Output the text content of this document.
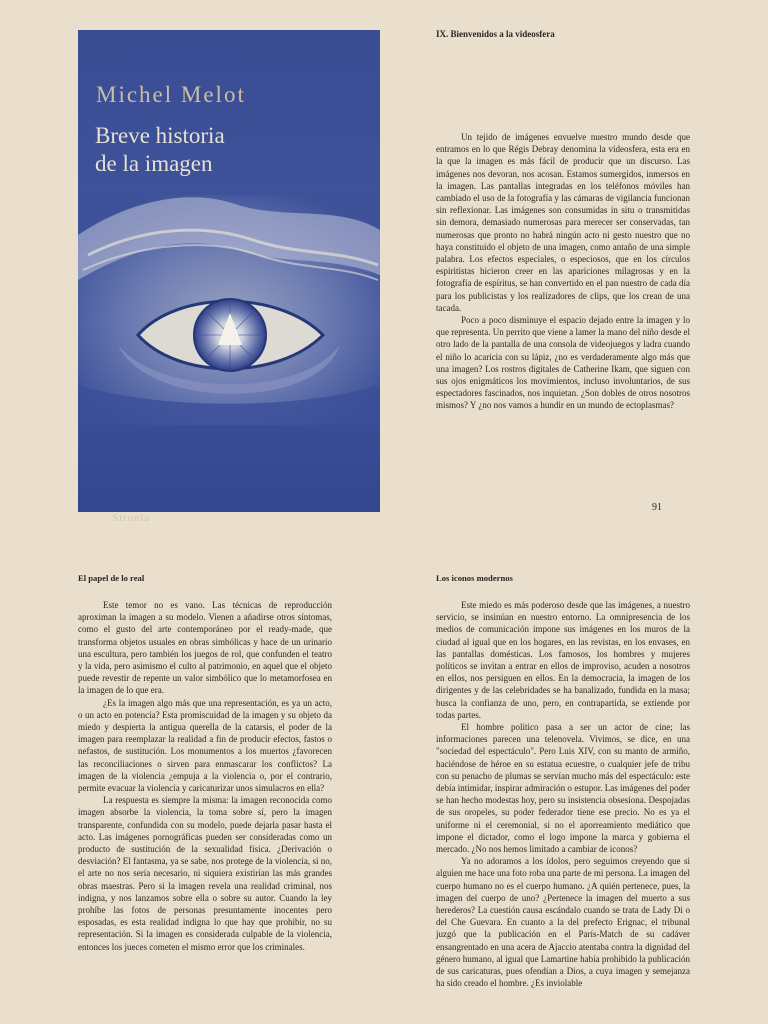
Michel Melot
Breve historia
de la imagen
Siruela
IX. Bienvenidos a la videosfera

Un tejido de imágenes envuelve nuestro mundo desde que entramos en lo que Régis Debray denomina la videosfera, esta era en la que la imagen es más fácil de producir que un discurso. Las imágenes nos devoran, nos acosan. Estamos sumergidos, inmersos en la imagen. Las pantallas integradas en los teléfonos móviles han cambiado el uso de la fotografía y las cámaras de vigilancia funcionan sin reflexionar. Las imágenes son consumidas in situ o transmitidas sin demora, demasiado numerosas para merecer ser conservadas, tan numerosas que pronto no habrá ningún acto ni gesto nuestro que no haya constituido el objeto de una imagen, como antaño de una simple palabra. Los efectos especiales, o especiosos, que en los círculos espiritistas hicieron creer en las apariciones milagrosas y en la fotografía de espíritus, se han convertido en el pan nuestro de cada día para los publicistas y los realizadores de clips, que los crean de una tacada.

Poco a poco disminuye el espacio dejado entre la imagen y lo que representa. Un perrito que viene a lamer la mano del niño desde el otro lado de la pantalla de una consola de videojuegos y ladra cuando el niño lo acaricia con su lápiz, ¿no es verdaderamente algo más que una imagen? Los rostros digitales de Catherine Ikam, que siguen con sus ojos enigmáticos los movimientos, incluso involuntarios, de sus espectadores fascinados, nos inquietan. ¿Son dobles de otros nosotros mismos? Y ¿no nos vamos a hundir en un mundo de ectoplasmas?

91
El papel de lo real

Este temor no es vano. Las técnicas de reproducción aproximan la imagen a su modelo. Vienen a añadirse otros síntomas, como el gusto del arte contemporáneo por el ready-made, que transforma objetos usuales en obras simbólicas y hace de un urinario una escultura, pero también los juegos de rol, que confunden el teatro y la vida, pero asimismo el culto al patrimonio, en aquel que el objeto puede revestir de repente un valor simbólico que lo metamorfosea en la imagen de lo que era.

¿Es la imagen algo más que una representación, es ya un acto, o un acto en potencia? Esta promiscuidad de la imagen y su objeto da miedo y despierta la antigua querella de la catarsis, el poder de la imagen para reemplazar la realidad a fin de producir efectos, fastos o nefastos, de sustitución. Los monumentos a los muertos ¿favorecen las reconciliaciones o sirven para enmascarar los conflictos? La imagen de la violencia ¿empuja a la violencia o, por el contrario, permite evacuar la violencia y caricaturizar unos simulacros en ella?

La respuesta es siempre la misma: la imagen reconocida como imagen absorbe la violencia, la toma sobre sí, pero la imagen transparente, confundida con su modelo, puede dejarla pasar hasta el acto. Las imágenes pornográficas pueden ser consideradas como un producto de sustitución de la sexualidad física. ¿Derivación o desviación? El fantasma, ya se sabe, nos protege de la violencia, si no, el arte no nos sería necesario, ni siquiera existirían las más grandes obras maestras. Pero si la imagen revela una realidad criminal, nos indigna, y nos lanzamos sobre ella o sobre su autor. Cuando la ley prohíbe las fotos de personas presuntamente inocentes pero esposadas, es esta realidad indigna lo que hay que prohibir, no su representación. Si la imagen es considerada culpable de la violencia, entonces los jueces cometen el mismo error que los criminales.

Los iconos modernos

Este miedo es más poderoso desde que las imágenes, a nuestro servicio, se insinúan en nuestro entorno. La omnipresencia de los medios de comunicación impone sus imágenes en los muros de la ciudad al igual que en los hogares, en las revistas, en los envases, en las pantallas domésticas. Los famosos, los hombres y mujeres políticos se invitan a entrar en ellos de improviso, acuden a nosotros en ellos, nos persiguen en ellos. En la democracia, la imagen de los dirigentes y de las celebridades se ha banalizado, fundida en la masa; busca la confianza de uno, pero, en contrapartida, se extiende por todas partes.

El hombre político pasa a ser un actor de cine; las informaciones parecen una telenovela. Vivimos, se dice, en una "sociedad del espectáculo". Pero Luis XIV, con su manto de armiño, haciéndose de héroe en su estatua ecuestre, o cualquier jefe de tribu con su penacho de plumas se servían mucho más del espectáculo: este debía intimidar, inspirar admiración o estupor. Las imágenes del poder se han hecho modestas hoy, pero su insistencia obsesiona. Despojadas de sus oropeles, su poder federador tiene ese precio. No es ya el uniforme ni el ceremonial, si no el aporreamiento mediático que impone el dictador, como el logo impone la marca y gobierna el mercado. ¿No nos hemos limitado a cambiar de iconos?

Ya no adoramos a los ídolos, pero seguimos creyendo que si alguien me hace una foto roba una parte de mi persona. La imagen del cuerpo humano no es el cuerpo humano. ¿A quién pertenece, pues, la imagen del cuerpo de uno? ¿Pertenece la imagen del muerto a sus herederos? La cuestión causa escándalo cuando se trata de Lady Di o del Che Guevara. En cuanto a la del prefecto Erignac, el tribunal juzgó que la publicación en el París-Match de su cadáver ensangrentado en una acera de Ajaccio atentaba contra la dignidad del género humano, al igual que Lamartine había prohibido la publicación de sus caricaturas, pues ofendían a Dios, a cuya imagen y semejanza ha sido creado el hombre. ¿Es inviolable
